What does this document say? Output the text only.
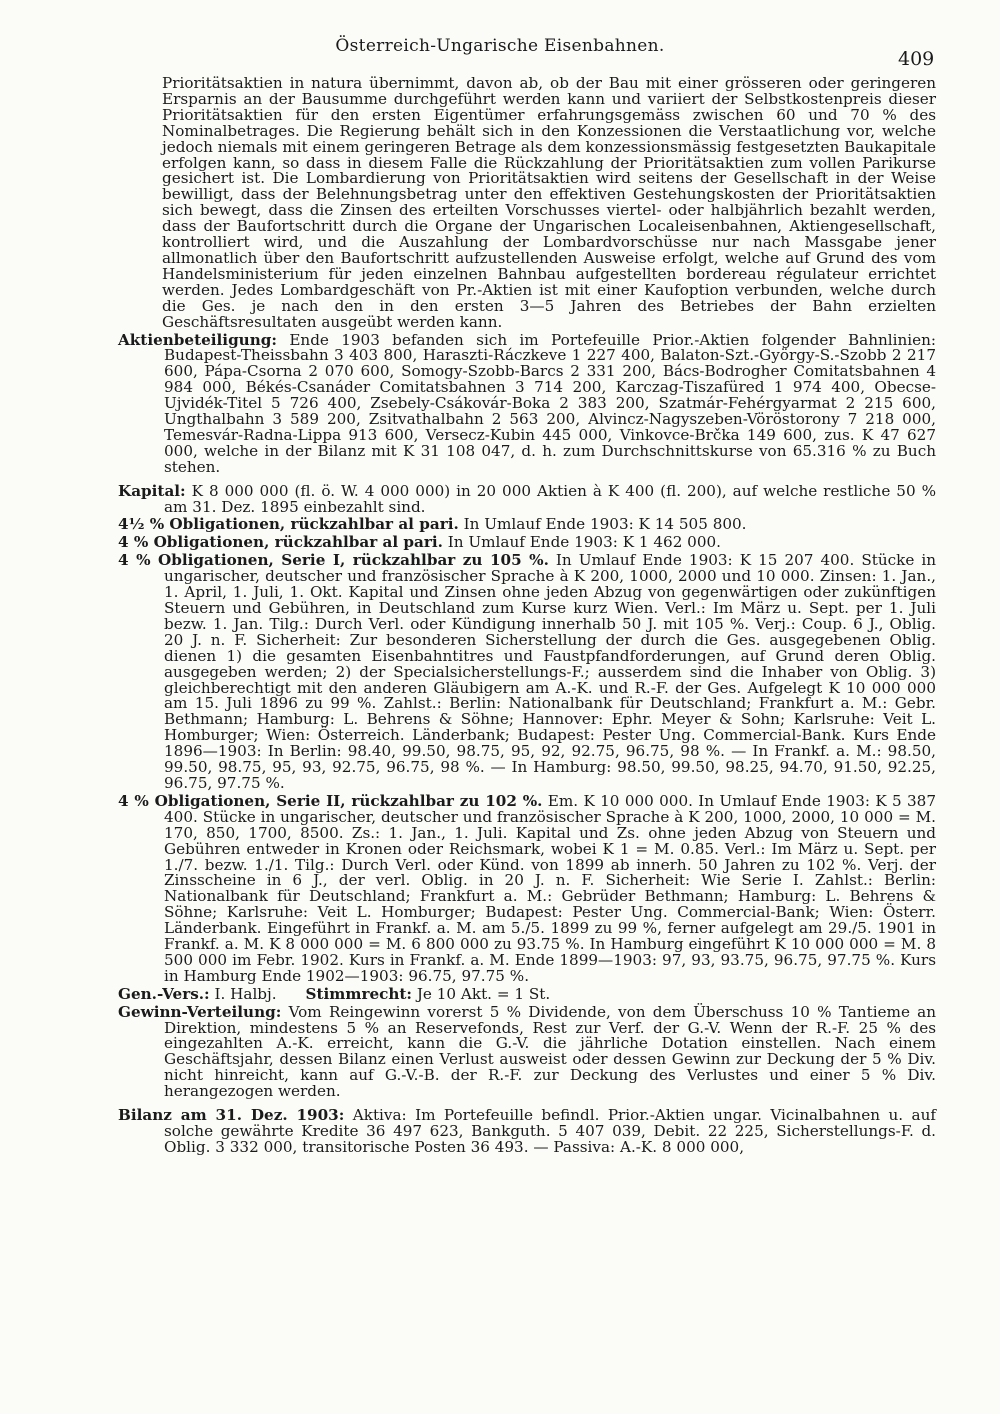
Österreich-Ungarische Eisenbahnen.
409

Prioritätsaktien in natura übernimmt, davon ab, ob der Bau mit einer grösseren oder geringeren Ersparnis an der Bausumme durchgeführt werden kann und variiert der Selbstkostenpreis dieser Prioritätsaktien für den ersten Eigentümer erfahrungsgemäss zwischen 60 und 70 % des Nominalbetrages. Die Regierung behält sich in den Konzessionen die Verstaatlichung vor, welche jedoch niemals mit einem geringeren Betrage als dem konzessionsmässig festgesetzten Baukapitale erfolgen kann, so dass in diesem Falle die Rückzahlung der Prioritätsaktien zum vollen Parikurse gesichert ist. Die Lombardierung von Prioritätsaktien wird seitens der Gesellschaft in der Weise bewilligt, dass der Belehnungsbetrag unter den effektiven Gestehungskosten der Prioritätsaktien sich bewegt, dass die Zinsen des erteilten Vorschusses viertel- oder halbjährlich bezahlt werden, dass der Baufortschritt durch die Organe der Ungarischen Localeisenbahnen, Aktiengesellschaft, kontrolliert wird, und die Auszahlung der Lombardvorschüsse nur nach Massgabe jener allmonatlich über den Baufortschritt aufzustellenden Ausweise erfolgt, welche auf Grund des vom Handelsministerium für jeden einzelnen Bahnbau aufgestellten bordereau régulateur errichtet werden. Jedes Lombardgeschäft von Pr.-Aktien ist mit einer Kaufoption verbunden, welche durch die Ges. je nach den in den ersten 3—5 Jahren des Betriebes der Bahn erzielten Geschäftsresultaten ausgeübt werden kann.

Aktienbeteiligung: Ende 1903 befanden sich im Portefeuille Prior.-Aktien folgender Bahnlinien: Budapest-Theissbahn 3 403 800, Haraszti-Ráczkeve 1 227 400, Balaton-Szt.-György-S.-Szobb 2 217 600, Pápa-Csorna 2 070 600, Somogy-Szobb-Barcs 2 331 200, Bács-Bodrogher Comitatsbahnen 4 984 000, Békés-Csanáder Comitatsbahnen 3 714 200, Karczag-Tiszafüred 1 974 400, Obecse-Ujvidék-Titel 5 726 400, Zsebely-Csákovár-Boka 2 383 200, Szatmár-Fehérgyarmat 2 215 600, Ungthalbahn 3 589 200, Zsitvathalbahn 2 563 200, Alvincz-Nagyszeben-Vöröstorony 7 218 000, Temesvár-Radna-Lippa 913 600, Versecz-Kubin 445 000, Vinkovce-Brčka 149 600, zus. K 47 627 000, welche in der Bilanz mit K 31 108 047, d. h. zum Durchschnittskurse von 65.316 % zu Buch stehen.

Kapital: K 8 000 000 (fl. ö. W. 4 000 000) in 20 000 Aktien à K 400 (fl. 200), auf welche restliche 50 % am 31. Dez. 1895 einbezahlt sind.

4½ % Obligationen, rückzahlbar al pari. In Umlauf Ende 1903: K 14 505 800.

4 % Obligationen, rückzahlbar al pari. In Umlauf Ende 1903: K 1 462 000.

4 % Obligationen, Serie I, rückzahlbar zu 105 %. In Umlauf Ende 1903: K 15 207 400. Stücke in ungarischer, deutscher und französischer Sprache à K 200, 1000, 2000 und 10 000. Zinsen: 1. Jan., 1. April, 1. Juli, 1. Okt. Kapital und Zinsen ohne jeden Abzug von gegenwärtigen oder zukünftigen Steuern und Gebühren, in Deutschland zum Kurse kurz Wien. Verl.: Im März u. Sept. per 1. Juli bezw. 1. Jan. Tilg.: Durch Verl. oder Kündigung innerhalb 50 J. mit 105 %. Verj.: Coup. 6 J., Oblig. 20 J. n. F. Sicherheit: Zur besonderen Sicherstellung der durch die Ges. ausgegebenen Oblig. dienen 1) die gesamten Eisenbahntitres und Faustpfandforderungen, auf Grund deren Oblig. ausgegeben werden; 2) der Specialsicherstellungs-F.; ausserdem sind die Inhaber von Oblig. 3) gleichberechtigt mit den anderen Gläubigern am A.-K. und R.-F. der Ges. Aufgelegt K 10 000 000 am 15. Juli 1896 zu 99 %. Zahlst.: Berlin: Nationalbank für Deutschland; Frankfurt a. M.: Gebr. Bethmann; Hamburg: L. Behrens & Söhne; Hannover: Ephr. Meyer & Sohn; Karlsruhe: Veit L. Homburger; Wien: Österreich. Länderbank; Budapest: Pester Ung. Commercial-Bank. Kurs Ende 1896—1903: In Berlin: 98.40, 99.50, 98.75, 95, 92, 92.75, 96.75, 98 %. — In Frankf. a. M.: 98.50, 99.50, 98.75, 95, 93, 92.75, 96.75, 98 %. — In Hamburg: 98.50, 99.50, 98.25, 94.70, 91.50, 92.25, 96.75, 97.75 %.

4 % Obligationen, Serie II, rückzahlbar zu 102 %. Em. K 10 000 000. In Umlauf Ende 1903: K 5 387 400. Stücke in ungarischer, deutscher und französischer Sprache à K 200, 1000, 2000, 10 000 = M. 170, 850, 1700, 8500. Zs.: 1. Jan., 1. Juli. Kapital und Zs. ohne jeden Abzug von Steuern und Gebühren entweder in Kronen oder Reichsmark, wobei K 1 = M. 0.85. Verl.: Im März u. Sept. per 1./7. bezw. 1./1. Tilg.: Durch Verl. oder Künd. von 1899 ab innerh. 50 Jahren zu 102 %. Verj. der Zinsscheine in 6 J., der verl. Oblig. in 20 J. n. F. Sicherheit: Wie Serie I. Zahlst.: Berlin: Nationalbank für Deutschland; Frankfurt a. M.: Gebrüder Bethmann; Hamburg: L. Behrens & Söhne; Karlsruhe: Veit L. Homburger; Budapest: Pester Ung. Commercial-Bank; Wien: Österr. Länderbank. Eingeführt in Frankf. a. M. am 5./5. 1899 zu 99 %, ferner aufgelegt am 29./5. 1901 in Frankf. a. M. K 8 000 000 = M. 6 800 000 zu 93.75 %. In Hamburg eingeführt K 10 000 000 = M. 8 500 000 im Febr. 1902. Kurs in Frankf. a. M. Ende 1899—1903: 97, 93, 93.75, 96.75, 97.75 %. Kurs in Hamburg Ende 1902—1903: 96.75, 97.75 %.

Gen.-Vers.: I. Halbj. Stimmrecht: Je 10 Akt. = 1 St.

Gewinn-Verteilung: Vom Reingewinn vorerst 5 % Dividende, von dem Überschuss 10 % Tantieme an Direktion, mindestens 5 % an Reservefonds, Rest zur Verf. der G.-V. Wenn der R.-F. 25 % des eingezahlten A.-K. erreicht, kann die G.-V. die jährliche Dotation einstellen. Nach einem Geschäftsjahr, dessen Bilanz einen Verlust ausweist oder dessen Gewinn zur Deckung der 5 % Div. nicht hinreicht, kann auf G.-V.-B. der R.-F. zur Deckung des Verlustes und einer 5 % Div. herangezogen werden.

Bilanz am 31. Dez. 1903: Aktiva: Im Portefeuille befindl. Prior.-Aktien ungar. Vicinalbahnen u. auf solche gewährte Kredite 36 497 623, Bankguth. 5 407 039, Debit. 22 225, Sicherstellungs-F. d. Oblig. 3 332 000, transitorische Posten 36 493. — Passiva: A.-K. 8 000 000,
